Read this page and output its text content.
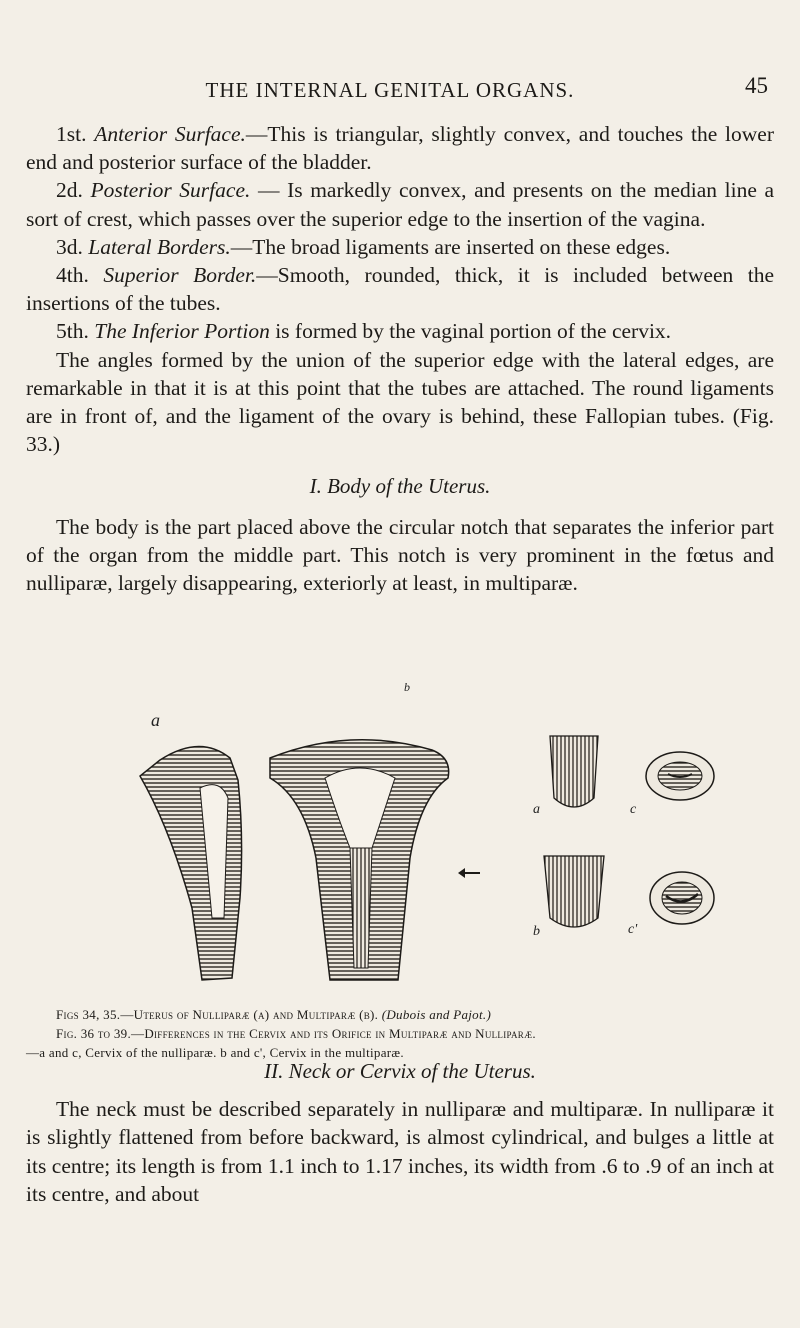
THE INTERNAL GENITAL ORGANS.	45

1st. Anterior Surface.—This is triangular, slightly convex, and touches the lower end and posterior surface of the bladder.

2d. Posterior Surface. — Is markedly convex, and presents on the median line a sort of crest, which passes over the superior edge to the insertion of the vagina.

3d. Lateral Borders.—The broad ligaments are inserted on these edges.

4th. Superior Border.—Smooth, rounded, thick, it is included between the insertions of the tubes.

5th. The Inferior Portion is formed by the vaginal portion of the cervix.

The angles formed by the union of the superior edge with the lateral edges, are remarkable in that it is at this point that the tubes are attached. The round ligaments are in front of, and the ligament of the ovary is behind, these Fallopian tubes. (Fig. 33.)

I. Body of the Uterus.

The body is the part placed above the circular notch that separates the inferior part of the organ from the middle part. This notch is very prominent in the fœtus and nulliparæ, largely disappearing, exteriorly at least, in multiparæ.

a
b
a	c
b	c'

Figs 34, 35.—Uterus of Nulliparæ (a) and Multiparæ (b). (Dubois and Pajot.)

Fig. 36 to 39.—Differences in the Cervix and its Orifice in Multiparæ and Nulliparæ.

—a and c, Cervix of the nulliparæ. b and c', Cervix in the multiparæ.

II. Neck or Cervix of the Uterus.

The neck must be described separately in nulliparæ and multiparæ. In nulliparæ it is slightly flattened from before backward, is almost cylindrical, and bulges a little at its centre; its length is from 1.1 inch to 1.17 inches, its width from .6 to .9 of an inch at its centre, and about
